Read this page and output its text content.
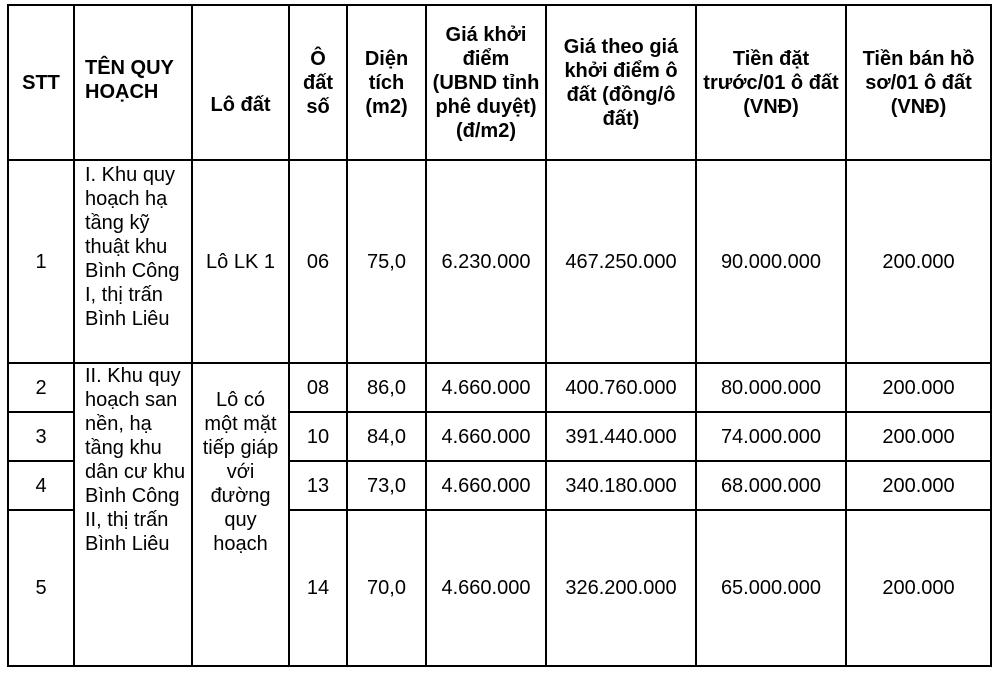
STT	TÊN QUY HOẠCH	Lô đất	Ô đất số	Diện tích (m2)	Giá khởi điểm (UBND tỉnh phê duyệt) (đ/m2)	Giá theo giá khởi điểm ô đất (đồng/ô đất)	Tiền đặt trước/01 ô đất (VNĐ)	Tiền bán hồ sơ/01 ô đất (VNĐ)
1	I. Khu quy hoạch hạ tầng kỹ thuật khu Bình Công I, thị trấn Bình Liêu	Lô LK 1	06	75,0	6.230.000	467.250.000	90.000.000	200.000
2	II. Khu quy hoạch san nền, hạ tầng khu dân cư khu Bình Công II, thị trấn Bình Liêu	Lô có một mặt tiếp giáp với đường quy hoạch	08	86,0	4.660.000	400.760.000	80.000.000	200.000
3			10	84,0	4.660.000	391.440.000	74.000.000	200.000
4			13	73,0	4.660.000	340.180.000	68.000.000	200.000
5			14	70,0	4.660.000	326.200.000	65.000.000	200.000
